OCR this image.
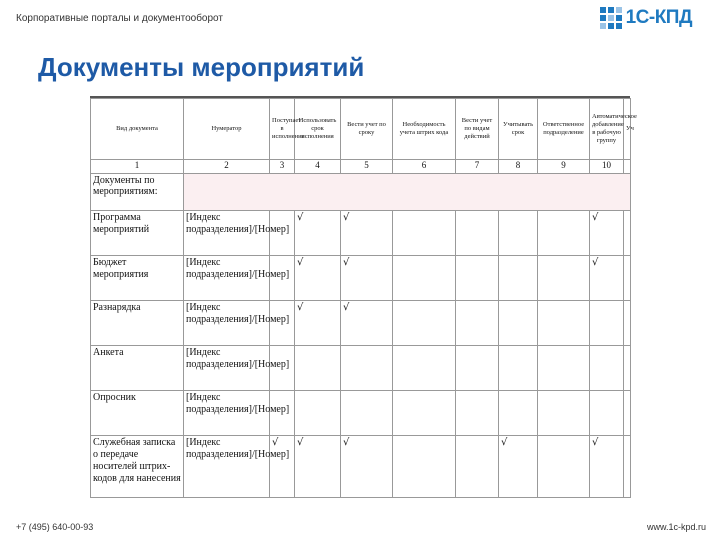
Корпоративные порталы и документооборот	1С-КПД
Документы мероприятий
Вид документа	Нумератор	Поступает в исполнение	Использовать срок исполнения	Вести учет по сроку	Необходимость учета штрих кода	Вести учет по видам действий	Учитывать срок	Ответственное подразделение	Автоматическое добавление в рабочую группу	Уч
1	2	3	4	5	6	7	8	9	10	
Документы по мероприятиям:										
Программа мероприятий	[Индекс подразделения]/[Номер]		√	√					√	
Бюджет мероприятия	[Индекс подразделения]/[Номер]		√	√					√	
Разнарядка	[Индекс подразделения]/[Номер]		√	√						
Анкета	[Индекс подразделения]/[Номер]									
Опросник	[Индекс подразделения]/[Номер]									
Служебная записка о передаче носителей штрих-кодов для нанесения	[Индекс подразделения]/[Номер]	√	√	√			√		√	
+7 (495) 640-00-93	www.1c-kpd.ru
